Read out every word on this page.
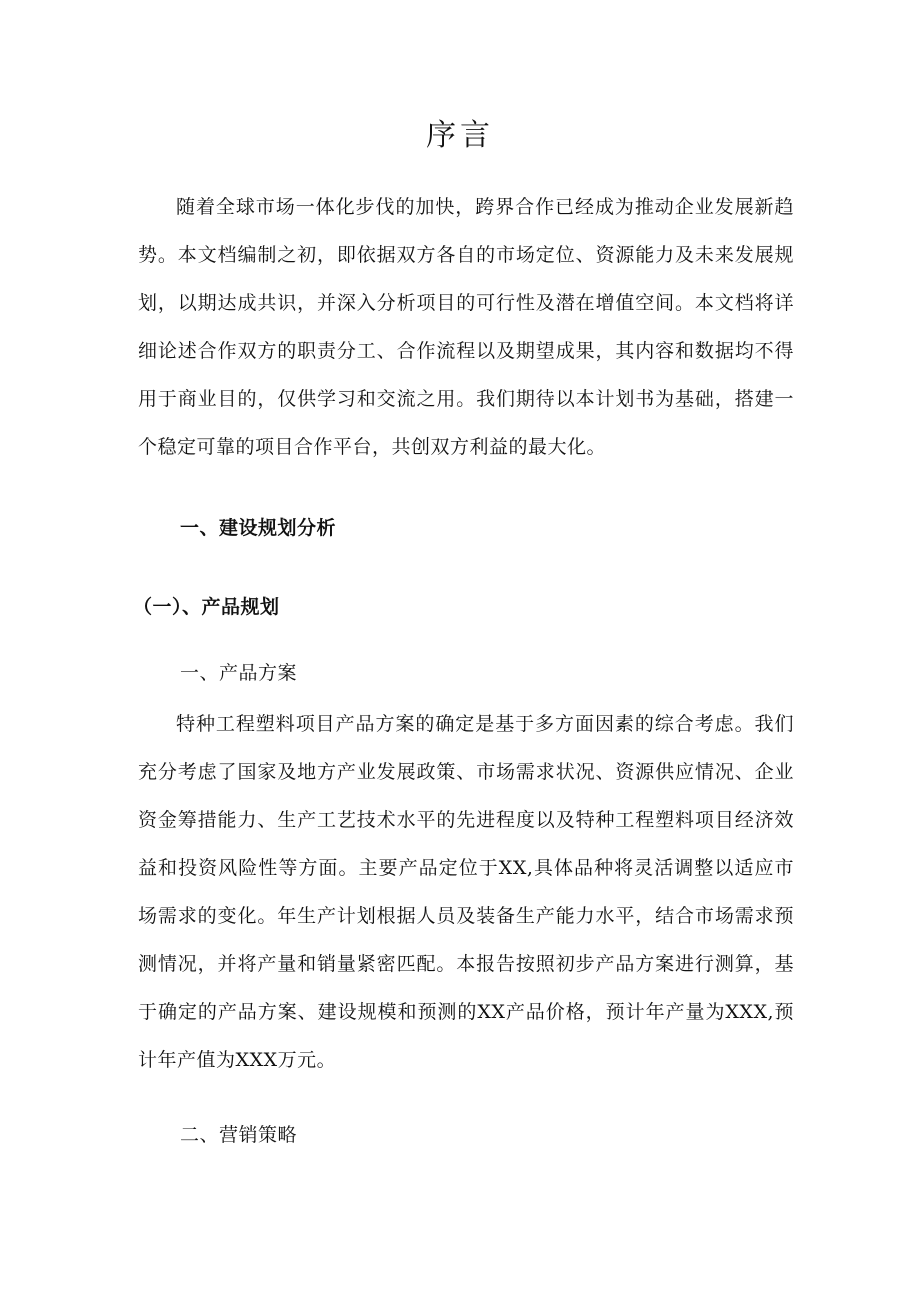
序言
随着全球市场一体化步伐的加快，跨界合作已经成为推动企业发展新趋势。本文档编制之初，即依据双方各自的市场定位、资源能力及未来发展规划，以期达成共识，并深入分析项目的可行性及潜在增值空间。本文档将详细论述合作双方的职责分工、合作流程以及期望成果，其内容和数据均不得用于商业目的，仅供学习和交流之用。我们期待以本计划书为基础，搭建一个稳定可靠的项目合作平台，共创双方利益的最大化。
一、建设规划分析
（一）、产品规划
一、产品方案
特种工程塑料项目产品方案的确定是基于多方面因素的综合考虑。我们充分考虑了国家及地方产业发展政策、市场需求状况、资源供应情况、企业资金筹措能力、生产工艺技术水平的先进程度以及特种工程塑料项目经济效益和投资风险性等方面。主要产品定位于XX,具体品种将灵活调整以适应市场需求的变化。年生产计划根据人员及装备生产能力水平，结合市场需求预测情况，并将产量和销量紧密匹配。本报告按照初步产品方案进行测算，基于确定的产品方案、建设规模和预测的XX产品价格，预计年产量为XXX,预计年产值为XXX万元。
二、营销策略
